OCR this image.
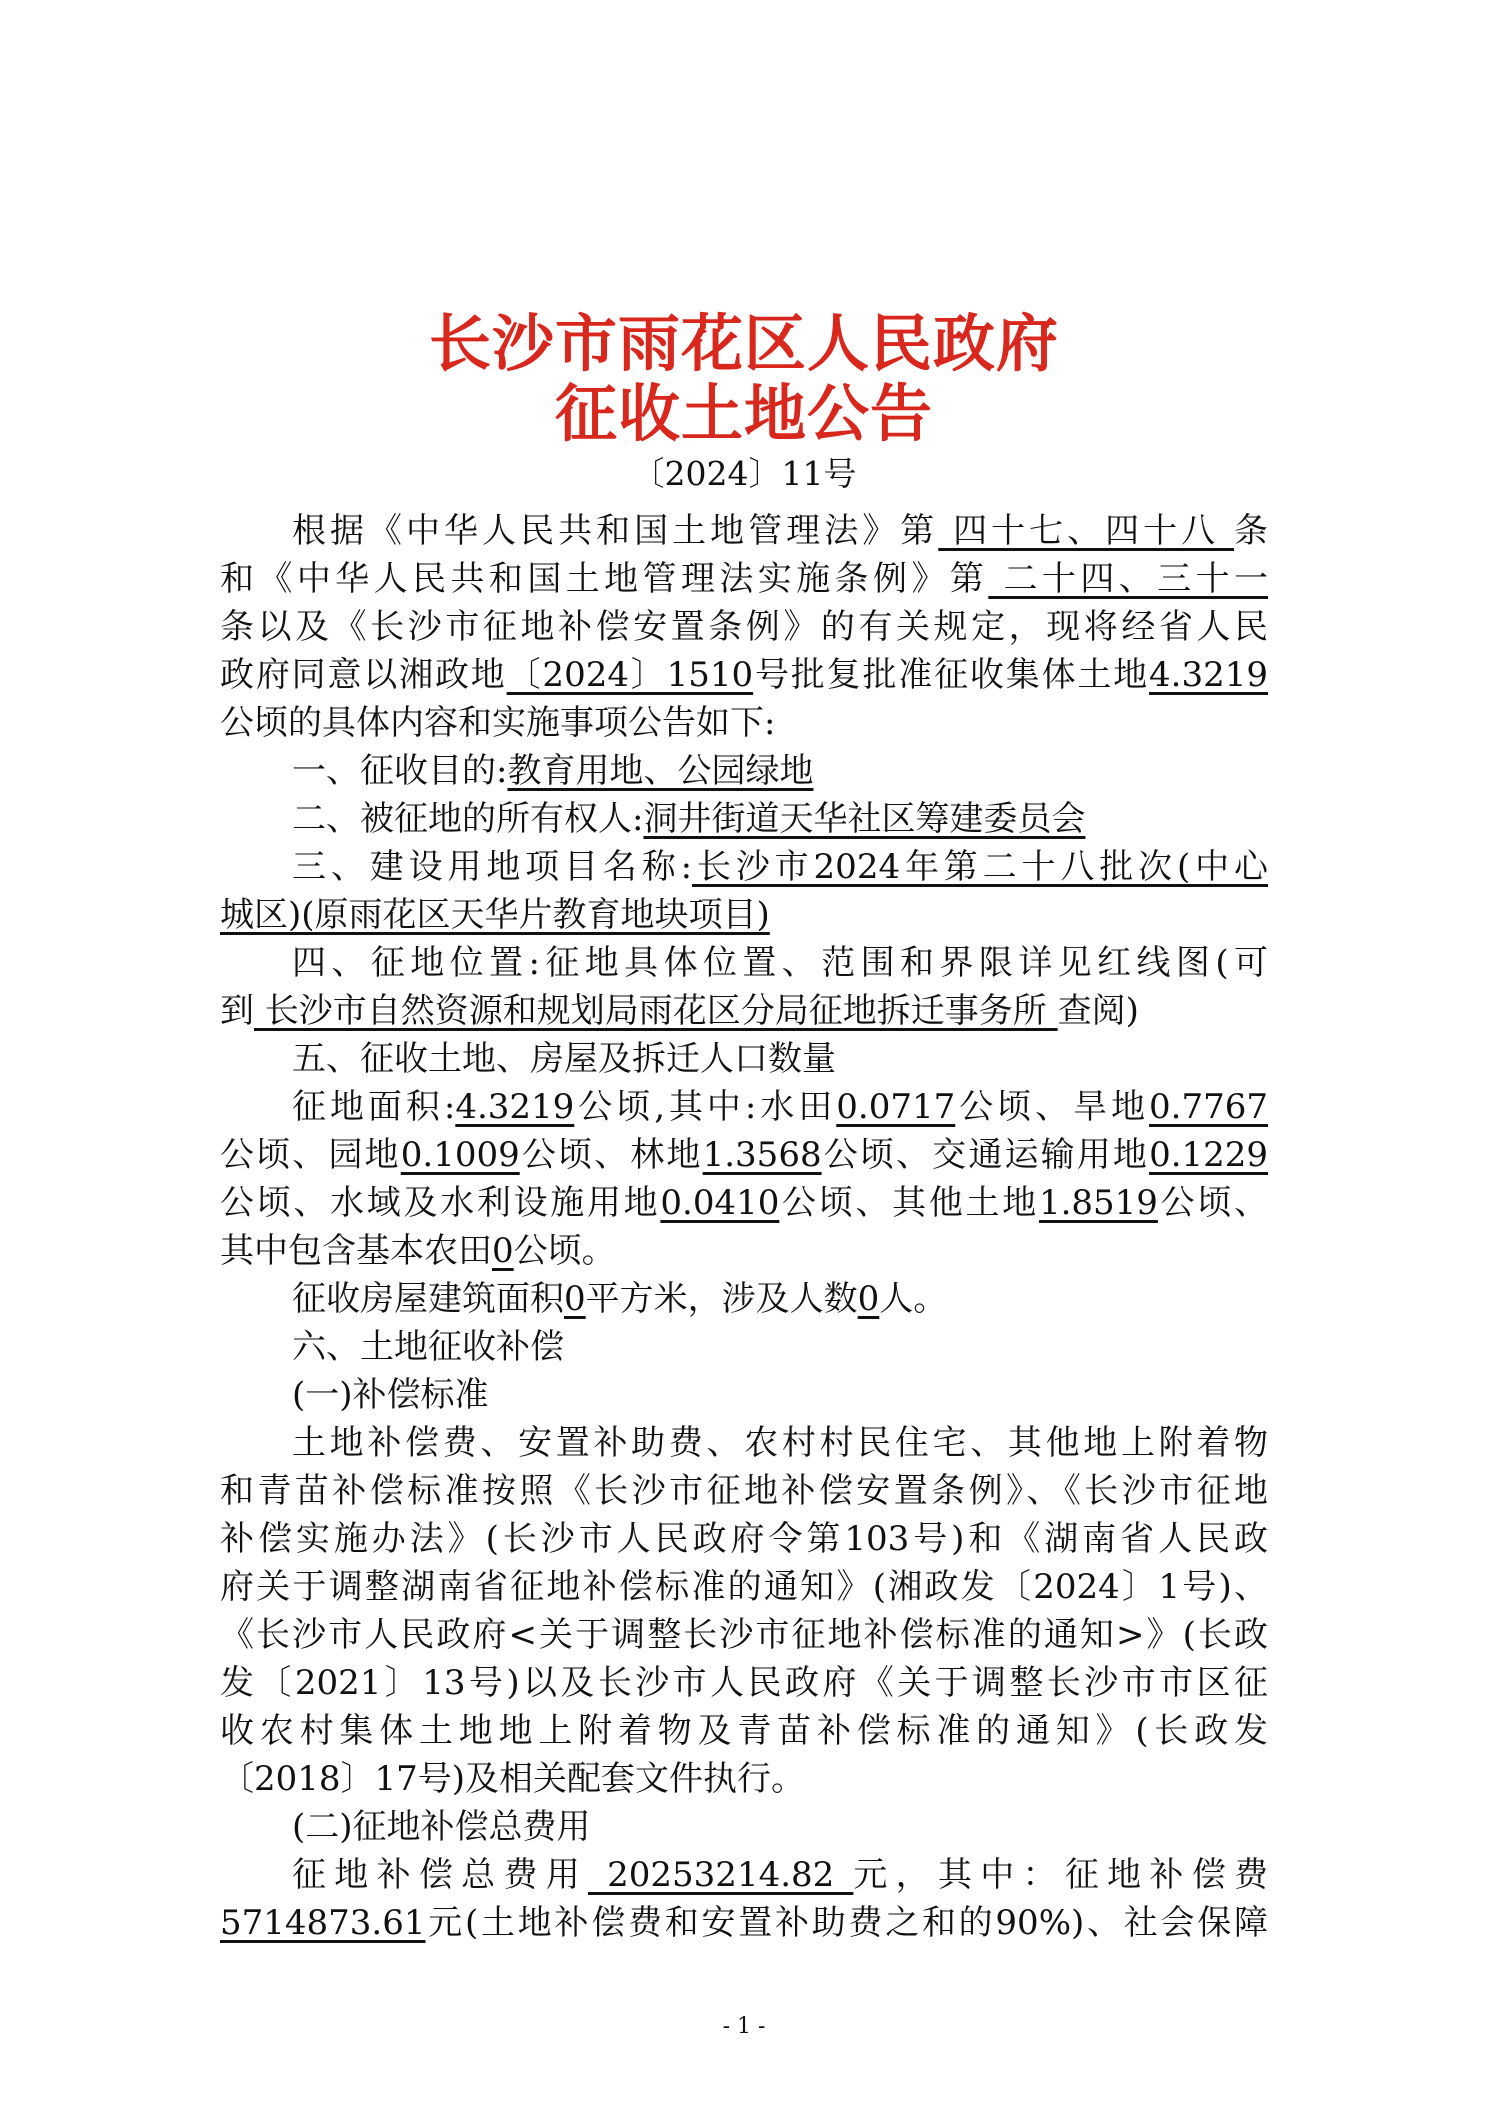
长沙市雨花区人民政府
征收土地公告
〔2024〕11号
根据《中华人民共和国土地管理法》第 四十七、四十八 条
和《中华人民共和国土地管理法实施条例》第 二十四、三十一
条以及《长沙市征地补偿安置条例》的有关规定，现将经省人民
政府同意以湘政地〔2024〕1510号批复批准征收集体土地4.3219
公顷的具体内容和实施事项公告如下:
一、征收目的:教育用地、公园绿地
二、被征地的所有权人:洞井街道天华社区筹建委员会
三、建设用地项目名称:长沙市2024年第二十八批次(中心
城区)(原雨花区天华片教育地块项目)
四、征地位置:征地具体位置、范围和界限详见红线图(可
到 长沙市自然资源和规划局雨花区分局征地拆迁事务所 查阅)
五、征收土地、房屋及拆迁人口数量
征地面积:4.3219公顷,其中:水田0.0717公顷、旱地0.7767
公顷、园地0.1009公顷、林地1.3568公顷、交通运输用地0.1229
公顷、水域及水利设施用地0.0410公顷、其他土地1.8519公顷、
其中包含基本农田0公顷。
征收房屋建筑面积0平方米，涉及人数0人。
六、土地征收补偿
(一)补偿标准
土地补偿费、安置补助费、农村村民住宅、其他地上附着物
和青苗补偿标准按照《长沙市征地补偿安置条例》、《长沙市征地
补偿实施办法》(长沙市人民政府令第103号)和《湖南省人民政
府关于调整湖南省征地补偿标准的通知》(湘政发〔2024〕1号)、
《长沙市人民政府<关于调整长沙市征地补偿标准的通知>》(长政
发〔2021〕13号)以及长沙市人民政府《关于调整长沙市市区征
收农村集体土地地上附着物及青苗补偿标准的通知》(长政发
〔2018〕17号)及相关配套文件执行。
(二)征地补偿总费用
征地补偿总费用 20253214.82 元，其中：征地补偿费
5714873.61元(土地补偿费和安置补助费之和的90%)、社会保障
- 1 -
